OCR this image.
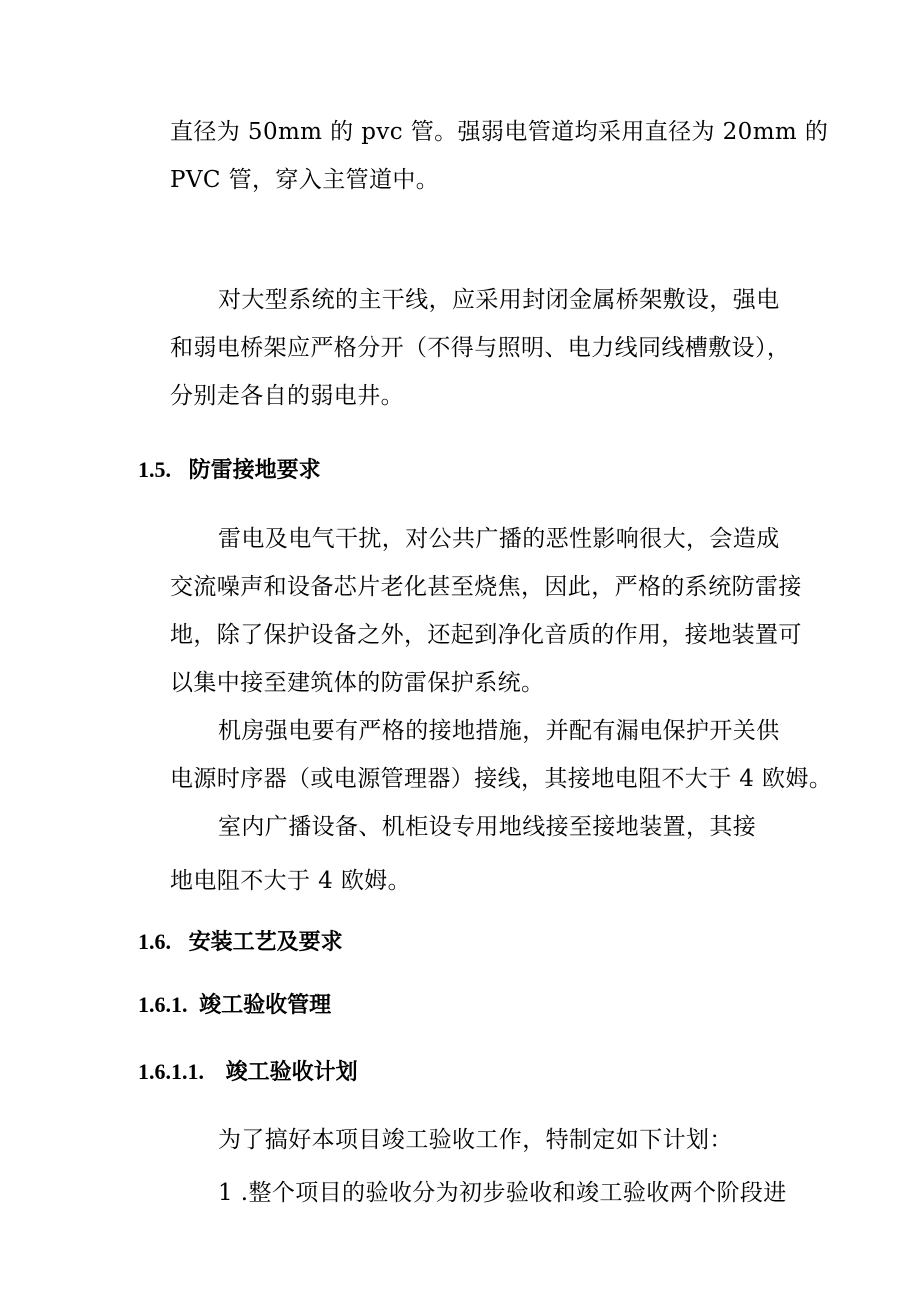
直径为 50mm 的 pvc 管。强弱电管道均采用直径为 20mm 的
PVC 管，穿入主管道中。
对大型系统的主干线，应采用封闭金属桥架敷设，强电
和弱电桥架应严格分开（不得与照明、电力线同线槽敷设），
分别走各自的弱电井。
1.5. 防雷接地要求
雷电及电气干扰，对公共广播的恶性影响很大，会造成
交流噪声和设备芯片老化甚至烧焦，因此，严格的系统防雷接
地，除了保护设备之外，还起到净化音质的作用，接地装置可
以集中接至建筑体的防雷保护系统。
机房强电要有严格的接地措施，并配有漏电保护开关供
电源时序器（或电源管理器）接线，其接地电阻不大于 4 欧姆。
室内广播设备、机柜设专用地线接至接地装置，其接
地电阻不大于 4 欧姆。
1.6. 安装工艺及要求
1.6.1. 竣工验收管理
1.6.1.1. 竣工验收计划
为了搞好本项目竣工验收工作，特制定如下计划：
1 .整个项目的验收分为初步验收和竣工验收两个阶段进
